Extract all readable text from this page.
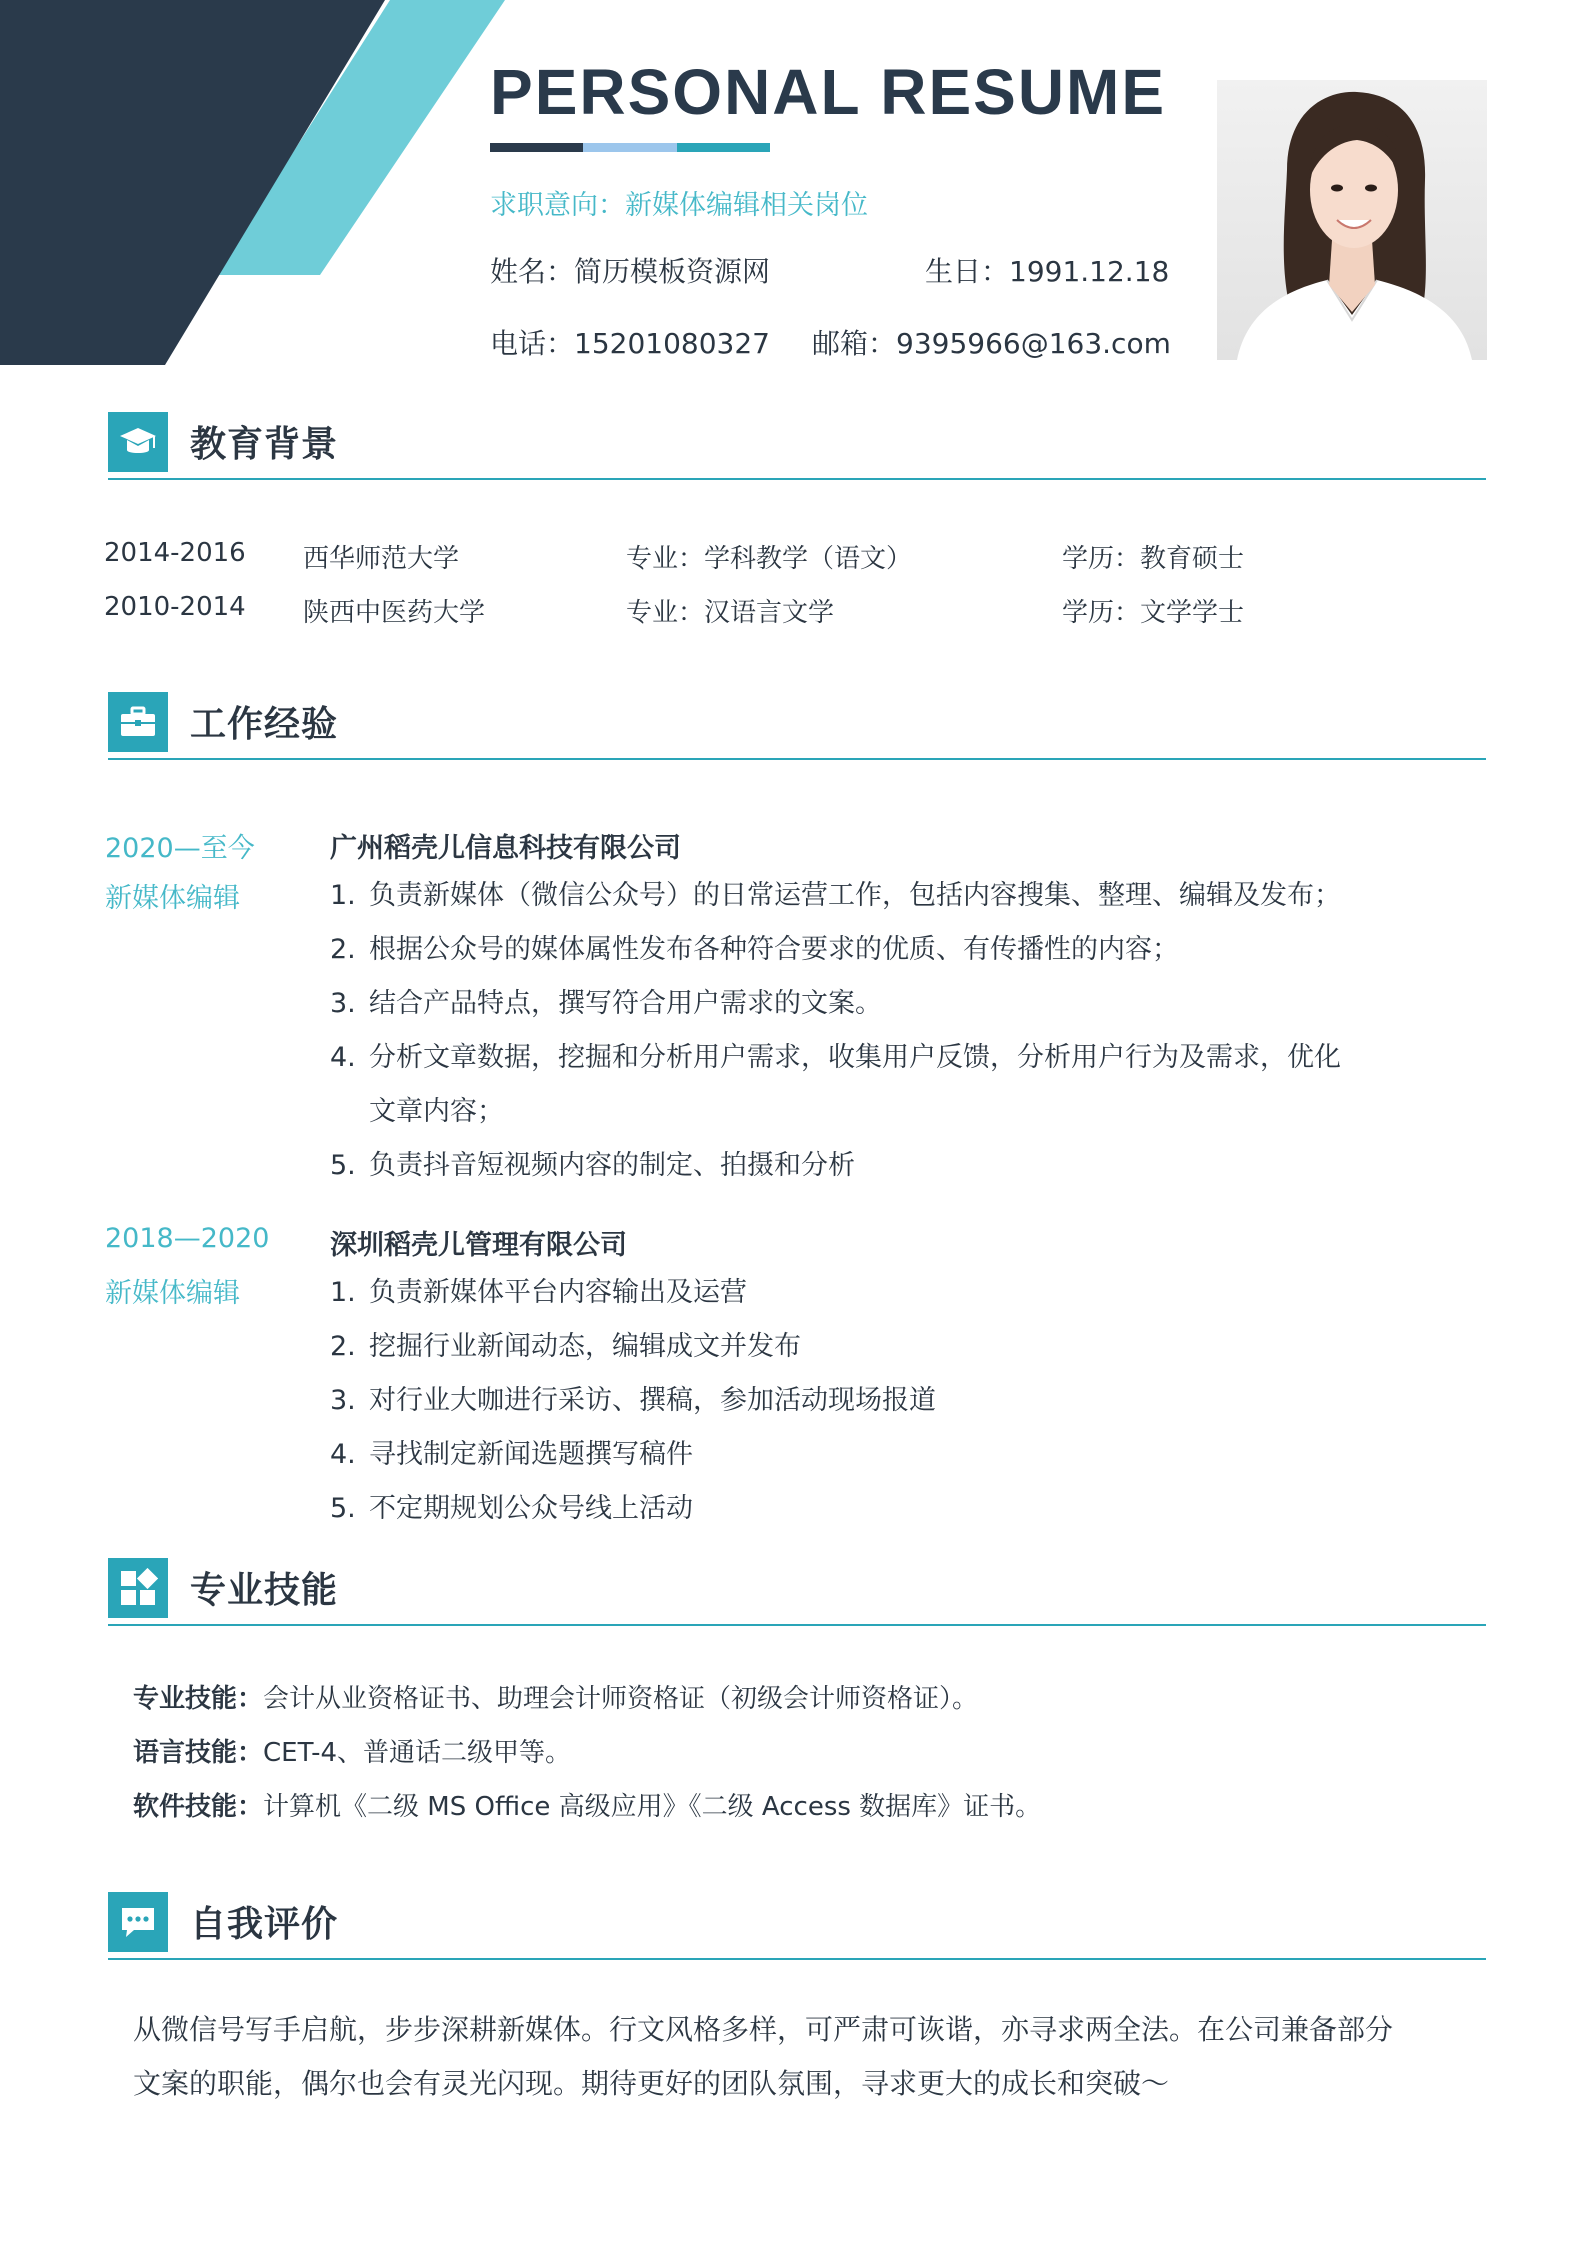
PERSONAL RESUME
求职意向：新媒体编辑相关岗位
姓名：简历模板资源网	生日：1991.12.18
电话：15201080327 邮箱：9395966@163.com
教育背景
2014-2016 西华师范大学	专业：学科教学（语文）	学历：教育硕士
2010-2014 陕西中医药大学	专业：汉语言文学	学历：文学学士
工作经验
2020—至今
新媒体编辑
广州稻壳儿信息科技有限公司
1. 负责新媒体（微信公众号）的日常运营工作，包括内容搜集、整理、编辑及发布；
2. 根据公众号的媒体属性发布各种符合要求的优质、有传播性的内容；
3. 结合产品特点，撰写符合用户需求的文案。
4. 分析文章数据，挖掘和分析用户需求，收集用户反馈，分析用户行为及需求，优化文章内容；
5. 负责抖音短视频内容的制定、拍摄和分析
2018—2020
新媒体编辑
深圳稻壳儿管理有限公司
1. 负责新媒体平台内容输出及运营
2. 挖掘行业新闻动态，编辑成文并发布
3. 对行业大咖进行采访、撰稿，参加活动现场报道
4. 寻找制定新闻选题撰写稿件
5. 不定期规划公众号线上活动
专业技能
专业技能：会计从业资格证书、助理会计师资格证（初级会计师资格证）。
语言技能：CET-4、普通话二级甲等。
软件技能：计算机《二级 MS Office 高级应用》《二级 Access 数据库》证书。
自我评价
从微信号写手启航，步步深耕新媒体。行文风格多样，可严肃可诙谐，亦寻求两全法。在公司兼备部分文案的职能，偶尔也会有灵光闪现。期待更好的团队氛围，寻求更大的成长和突破～
